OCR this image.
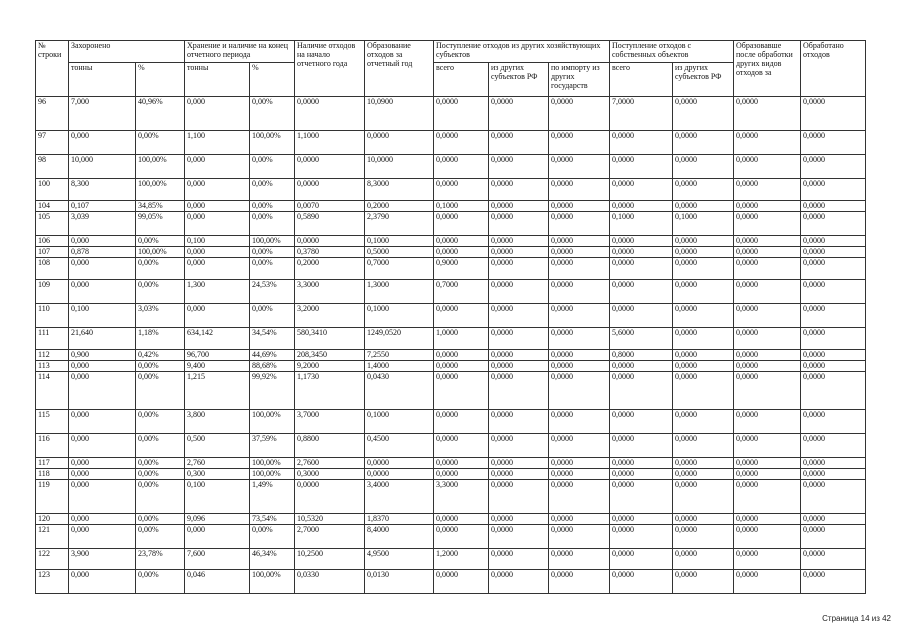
№ строки	Захоронено		Хранение и наличие на конец отчетного периода		Наличие отходов на начало отчетного года	Образование отходов за отчетный год	Поступление отходов из других хозяйствующих субъектов			Поступление отходов с собственных объектов		Образовавше после обработки других видов отходов за	Обработано отходов
	тонны	%	тонны	%			всего	из других субъектов РФ	по импорту из других государств	всего	из других субъектов РФ		
96	7,000	40,96%	0,000	0,00%	0,0000	10,0900	0,0000	0,0000	0,0000	7,0000	0,0000	0,0000	0,0000
97	0,000	0,00%	1,100	100,00%	1,1000	0,0000	0,0000	0,0000	0,0000	0,0000	0,0000	0,0000	0,0000
98	10,000	100,00%	0,000	0,00%	0,0000	10,0000	0,0000	0,0000	0,0000	0,0000	0,0000	0,0000	0,0000
100	8,300	100,00%	0,000	0,00%	0,0000	8,3000	0,0000	0,0000	0,0000	0,0000	0,0000	0,0000	0,0000
104	0,107	34,85%	0,000	0,00%	0,0070	0,2000	0,1000	0,0000	0,0000	0,0000	0,0000	0,0000	0,0000
105	3,039	99,05%	0,000	0,00%	0,5890	2,3790	0,0000	0,0000	0,0000	0,1000	0,1000	0,0000	0,0000
106	0,000	0,00%	0,100	100,00%	0,0000	0,1000	0,0000	0,0000	0,0000	0,0000	0,0000	0,0000	0,0000
107	0,878	100,00%	0,000	0,00%	0,3780	0,5000	0,0000	0,0000	0,0000	0,0000	0,0000	0,0000	0,0000
108	0,000	0,00%	0,000	0,00%	0,2000	0,7000	0,9000	0,0000	0,0000	0,0000	0,0000	0,0000	0,0000
109	0,000	0,00%	1,300	24,53%	3,3000	1,3000	0,7000	0,0000	0,0000	0,0000	0,0000	0,0000	0,0000
110	0,100	3,03%	0,000	0,00%	3,2000	0,1000	0,0000	0,0000	0,0000	0,0000	0,0000	0,0000	0,0000
111	21,640	1,18%	634,142	34,54%	580,3410	1249,0520	1,0000	0,0000	0,0000	5,6000	0,0000	0,0000	0,0000
112	0,900	0,42%	96,700	44,69%	208,3450	7,2550	0,0000	0,0000	0,0000	0,8000	0,0000	0,0000	0,0000
113	0,000	0,00%	9,400	88,68%	9,2000	1,4000	0,0000	0,0000	0,0000	0,0000	0,0000	0,0000	0,0000
114	0,000	0,00%	1,215	99,92%	1,1730	0,0430	0,0000	0,0000	0,0000	0,0000	0,0000	0,0000	0,0000
115	0,000	0,00%	3,800	100,00%	3,7000	0,1000	0,0000	0,0000	0,0000	0,0000	0,0000	0,0000	0,0000
116	0,000	0,00%	0,500	37,59%	0,8800	0,4500	0,0000	0,0000	0,0000	0,0000	0,0000	0,0000	0,0000
117	0,000	0,00%	2,760	100,00%	2,7600	0,0000	0,0000	0,0000	0,0000	0,0000	0,0000	0,0000	0,0000
118	0,000	0,00%	0,300	100,00%	0,3000	0,0000	0,0000	0,0000	0,0000	0,0000	0,0000	0,0000	0,0000
119	0,000	0,00%	0,100	1,49%	0,0000	3,4000	3,3000	0,0000	0,0000	0,0000	0,0000	0,0000	0,0000
120	0,000	0,00%	9,096	73,54%	10,5320	1,8370	0,0000	0,0000	0,0000	0,0000	0,0000	0,0000	0,0000
121	0,000	0,00%	0,000	0,00%	2,7000	8,4000	0,0000	0,0000	0,0000	0,0000	0,0000	0,0000	0,0000
122	3,900	23,78%	7,600	46,34%	10,2500	4,9500	1,2000	0,0000	0,0000	0,0000	0,0000	0,0000	0,0000
123	0,000	0,00%	0,046	100,00%	0,0330	0,0130	0,0000	0,0000	0,0000	0,0000	0,0000	0,0000	0,0000
Страница 14 из 42
